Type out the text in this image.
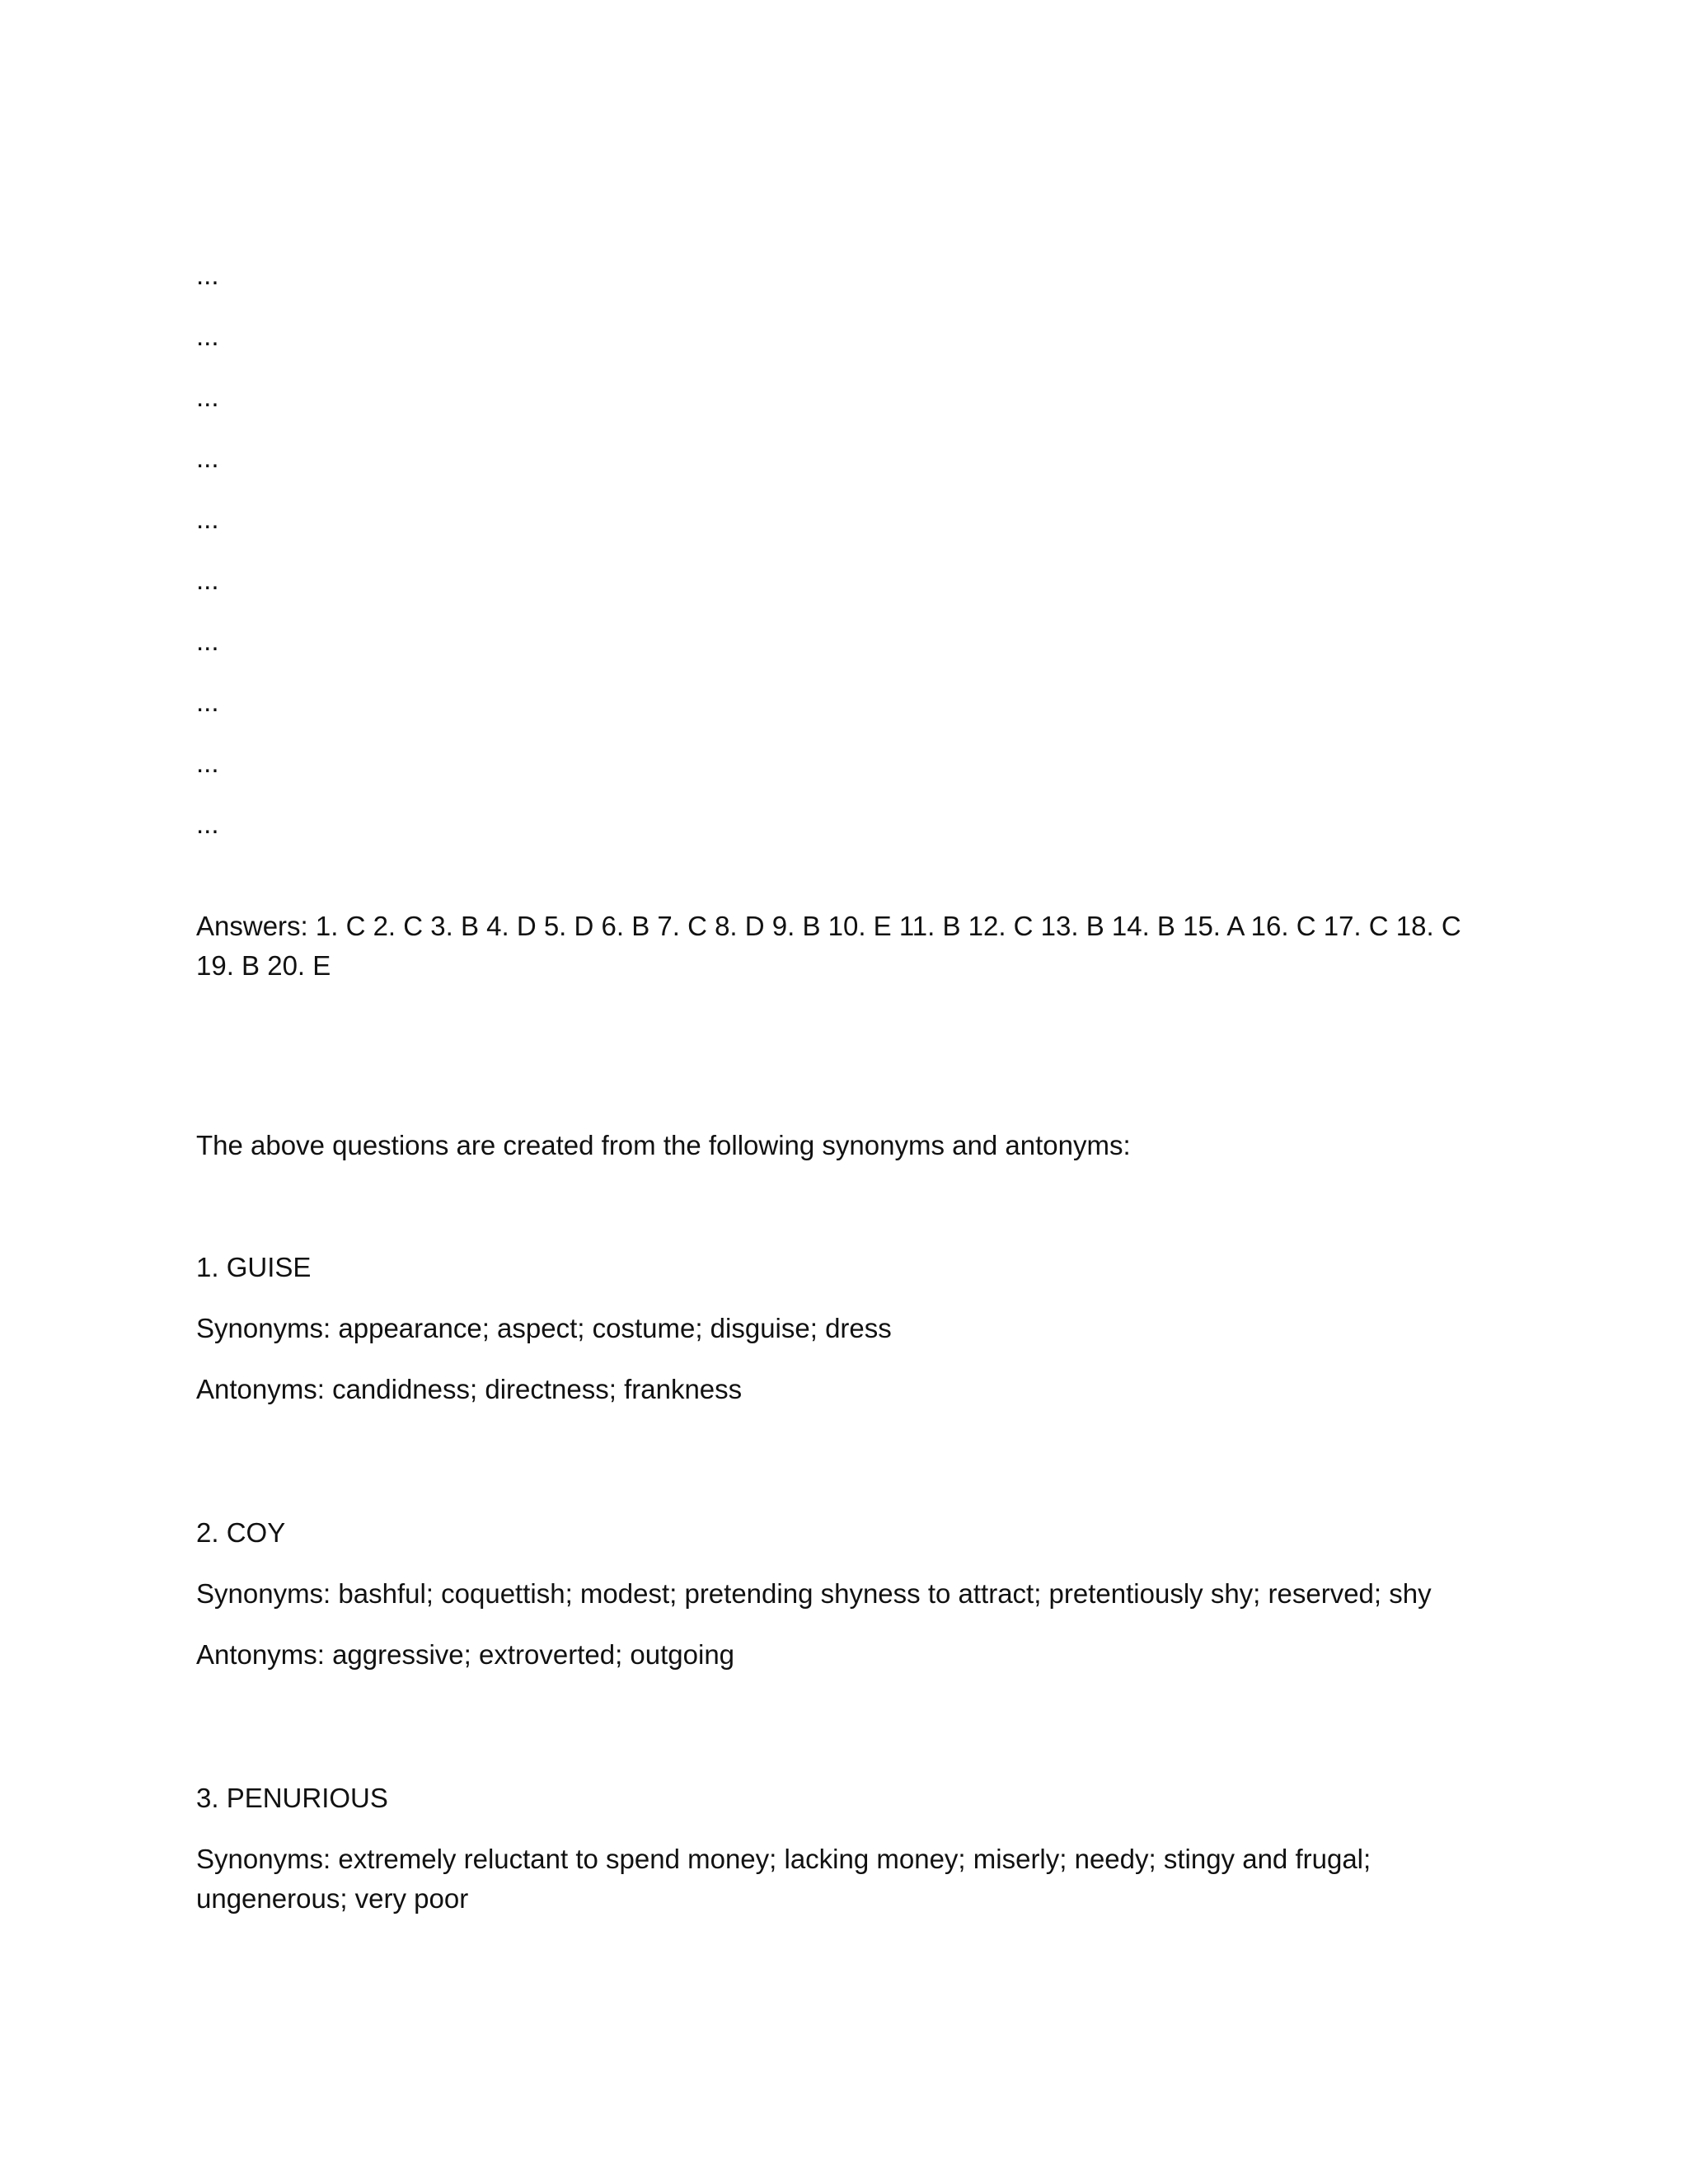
...
...
...
...
...
...
...
...
...
...

Answers: 1. C 2. C 3. B 4. D 5. D 6. B 7. C 8. D 9. B 10. E 11. B 12. C 13. B 14. B 15. A 16. C 17. C 18. C 19. B 20. E

The above questions are created from the following synonyms and antonyms:

1. GUISE

Synonyms: appearance; aspect; costume; disguise; dress

Antonyms: candidness; directness; frankness

2. COY

Synonyms: bashful; coquettish; modest; pretending shyness to attract; pretentiously shy; reserved; shy

Antonyms: aggressive; extroverted; outgoing

3. PENURIOUS

Synonyms: extremely reluctant to spend money; lacking money; miserly; needy; stingy and frugal; ungenerous; very poor
